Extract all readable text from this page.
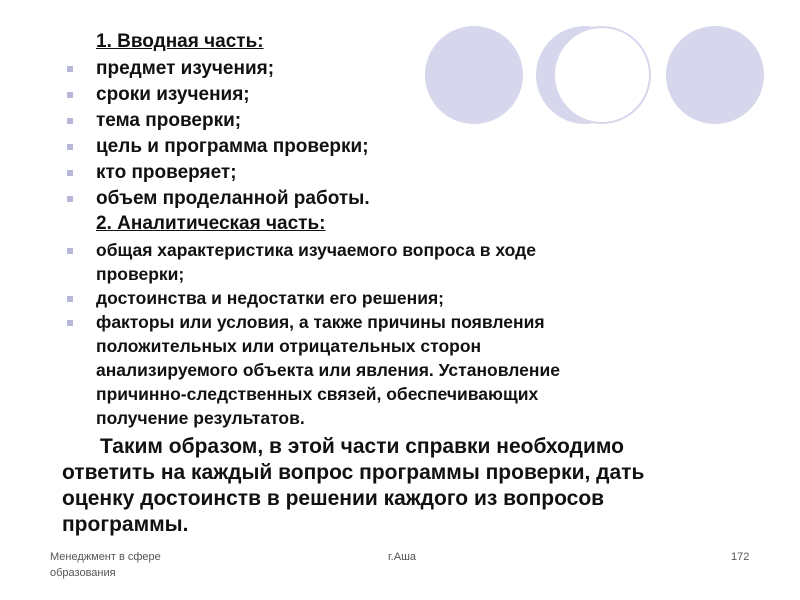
1. Вводная часть:
предмет изучения;
сроки изучения;
тема проверки;
цель и программа проверки;
кто проверяет;
объем проделанной работы.
2. Аналитическая часть:
общая характеристика изучаемого вопроса в ходе
проверки;
достоинства и недостатки его решения;
факторы или условия, а также причины появления
положительных или отрицательных сторон
анализируемого объекта или явления. Установление
причинно-следственных связей, обеспечивающих
получение результатов.
Таким образом, в этой части справки необходимо
ответить на каждый вопрос программы проверки, дать
оценку достоинств в решении каждого из вопросов
программы.
Менеджмент в сфере
образования
г.Аша	172
